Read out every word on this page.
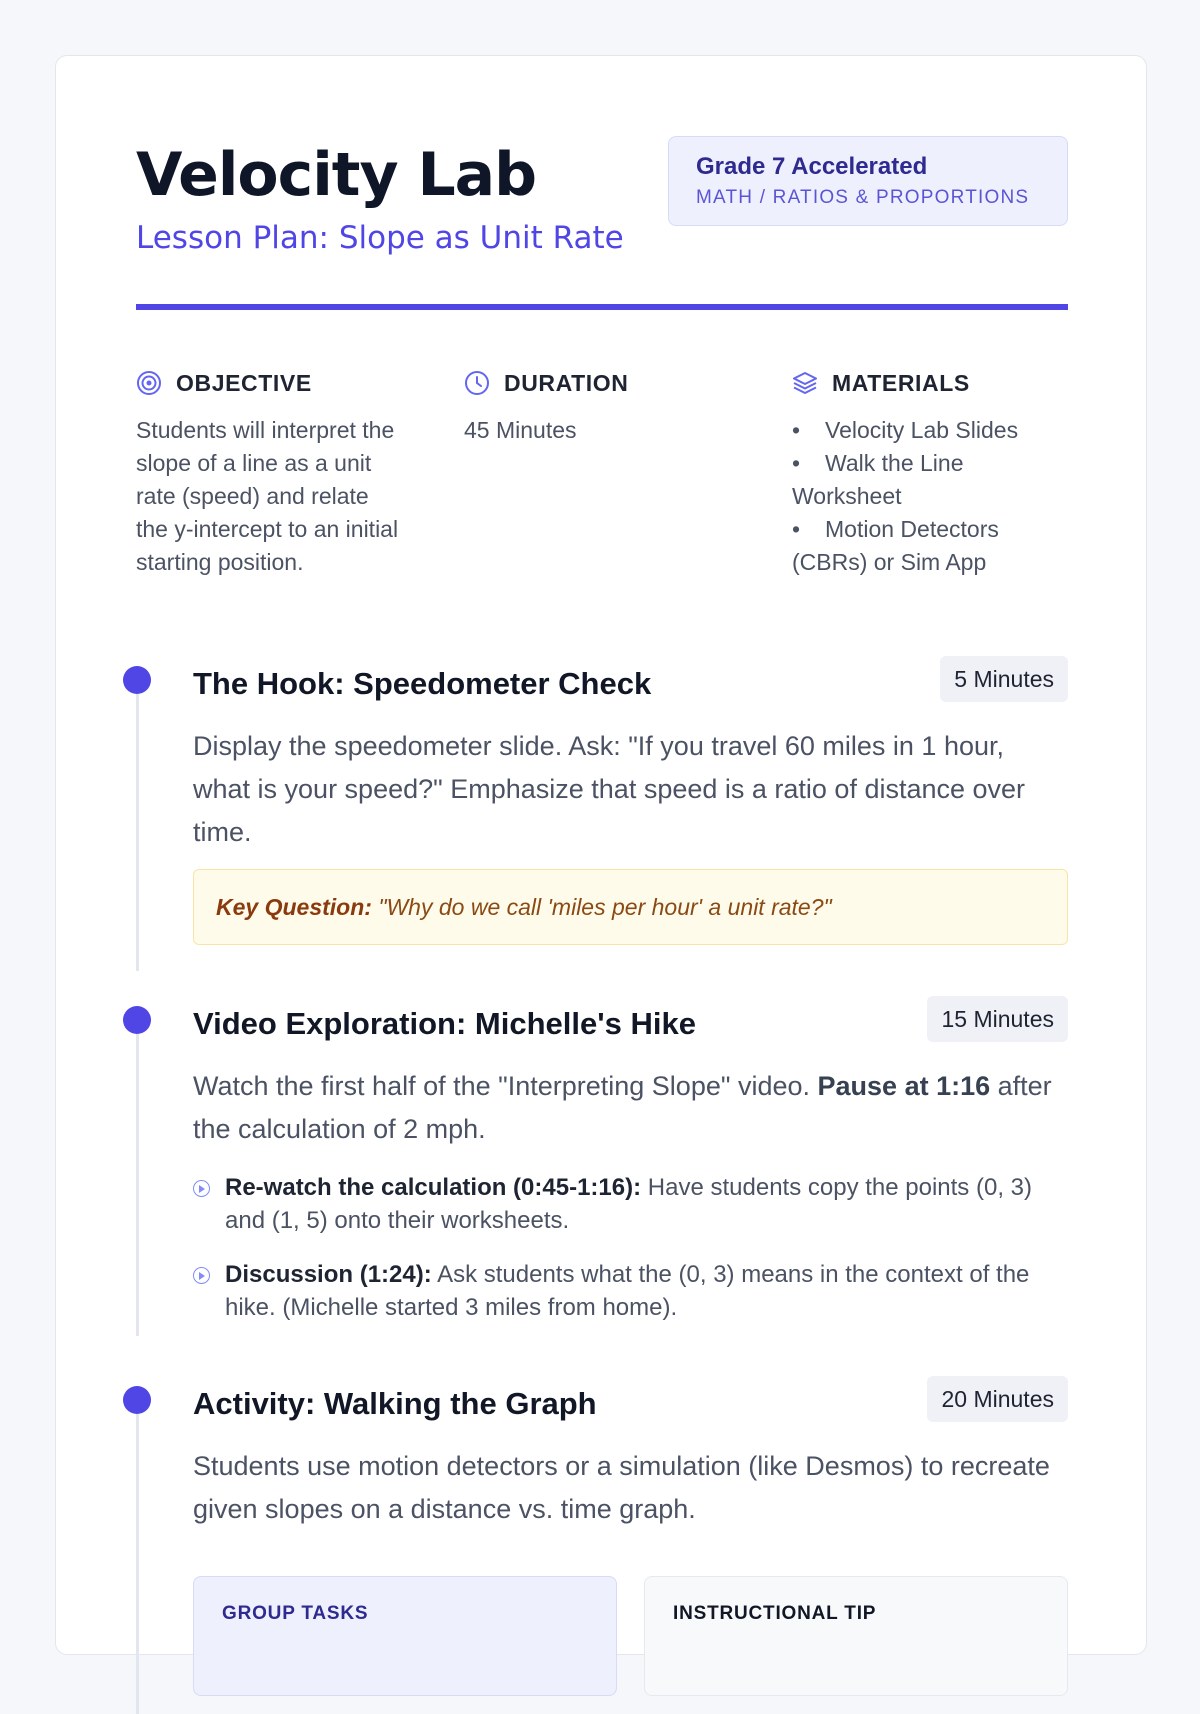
Velocity Lab
Lesson Plan: Slope as Unit Rate
Grade 7 Accelerated
MATH / RATIOS & PROPORTIONS
OBJECTIVE

Students will interpret the slope of a line as a unit rate (speed) and relate the y-intercept to an initial starting position.

DURATION

45 Minutes

MATERIALS
• Velocity Lab Slides
• Walk the Line Worksheet
• Motion Detectors (CBRs) or Sim App
The Hook: Speedometer Check	5 Minutes

Display the speedometer slide. Ask: "If you travel 60 miles in 1 hour, what is your speed?" Emphasize that speed is a ratio of distance over time.

Key Question: "Why do we call 'miles per hour' a unit rate?"
Video Exploration: Michelle's Hike	15 Minutes

Watch the first half of the "Interpreting Slope" video. Pause at 1:16 after the calculation of 2 mph.

Re-watch the calculation (0:45-1:16): Have students copy the points (0, 3) and (1, 5) onto their worksheets.
Discussion (1:24): Ask students what the (0, 3) means in the context of the hike. (Michelle started 3 miles from home).
Activity: Walking the Graph	20 Minutes

Students use motion detectors or a simulation (like Desmos) to recreate given slopes on a distance vs. time graph.

GROUP TASKS	INSTRUCTIONAL TIP
